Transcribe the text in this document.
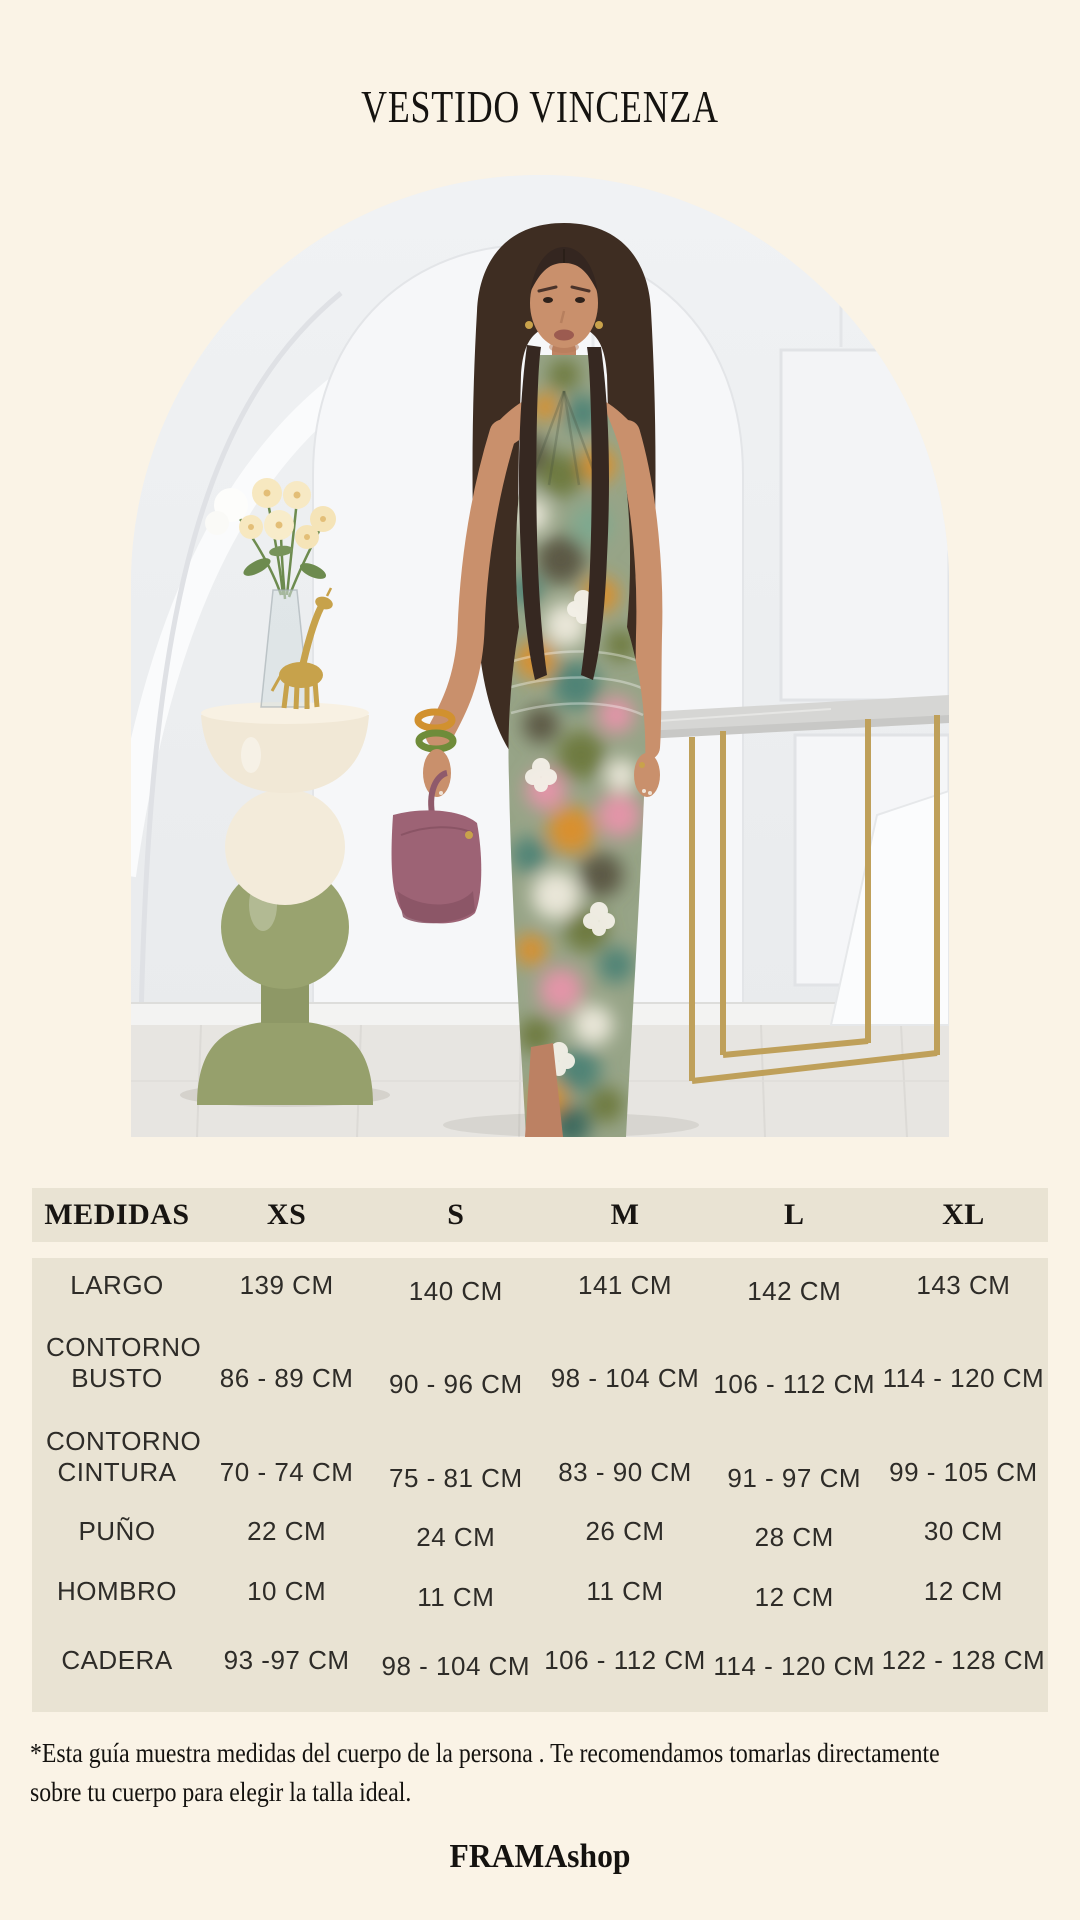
VESTIDO VINCENZA
MEDIDAS	XS	S	M	L	XL
LARGO	139 CM	140 CM	141 CM	142 CM	143 CM
CONTORNO BUSTO	86 - 89 CM	90 - 96 CM	98 - 104 CM 106 - 112 CM 114 - 120 CM
CONTORNO CINTURA	70 - 74 CM	75 - 81 CM	83 - 90 CM	91 - 97 CM	99 - 105 CM
PUÑO	22 CM	24 CM	26 CM	28 CM	30 CM
HOMBRO	10 CM	11 CM	11 CM	12 CM	12 CM
CADERA	93 -97 CM	98 - 104 CM 106 - 112 CM 114 - 120 CM 122 - 128 CM
*Esta guía muestra medidas del cuerpo de la persona . Te recomendamos tomarlas directamente
sobre tu cuerpo para elegir la talla ideal.
FRAMAshop
